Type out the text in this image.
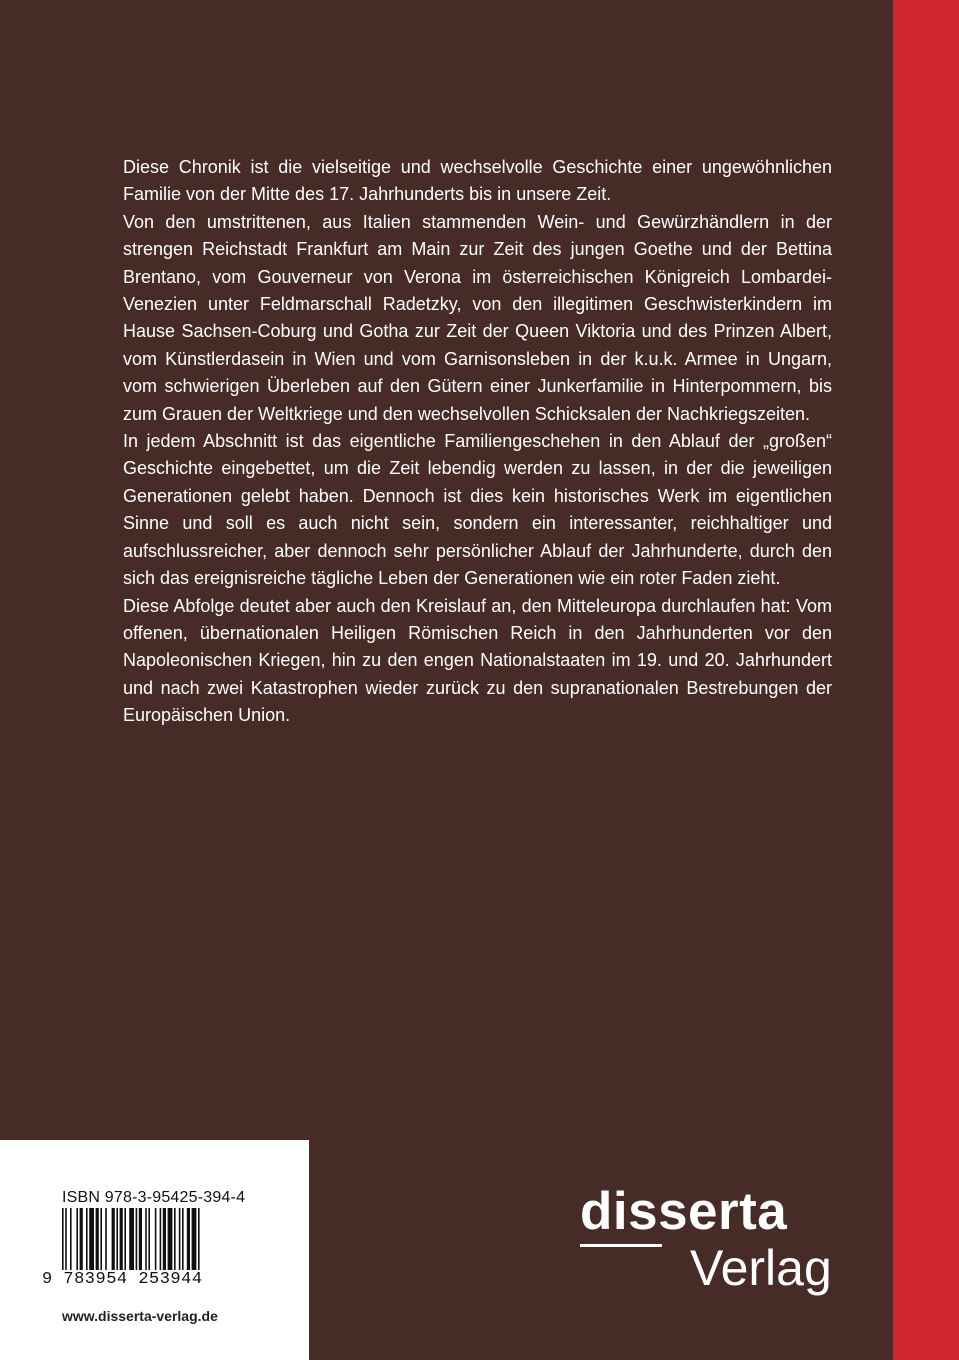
Diese Chronik ist die vielseitige und wechselvolle Geschichte einer ungewöhnlichen Familie von der Mitte des 17. Jahrhunderts bis in unsere Zeit.

Von den umstrittenen, aus Italien stammenden Wein- und Gewürzhändlern in der strengen Reichstadt Frankfurt am Main zur Zeit des jungen Goethe und der Bettina Brentano, vom Gouverneur von Verona im österreichischen Königreich Lombardei-Venezien unter Feldmarschall Radetzky, von den illegitimen Geschwisterkindern im Hause Sachsen-Coburg und Gotha zur Zeit der Queen Viktoria und des Prinzen Albert, vom Künstlerdasein in Wien und vom Garnisonsleben in der k.u.k. Armee in Ungarn, vom schwierigen Überleben auf den Gütern einer Junkerfamilie in Hinterpommern, bis zum Grauen der Weltkriege und den wechselvollen Schicksalen der Nachkriegszeiten.

In jedem Abschnitt ist das eigentliche Familiengeschehen in den Ablauf der „großen“ Geschichte eingebettet, um die Zeit lebendig werden zu lassen, in der die jeweiligen Generationen gelebt haben. Dennoch ist dies kein historisches Werk im eigentlichen Sinne und soll es auch nicht sein, sondern ein interessanter, reichhaltiger und aufschlussreicher, aber dennoch sehr persönlicher Ablauf der Jahrhunderte, durch den sich das ereignisreiche tägliche Leben der Generationen wie ein roter Faden zieht.

Diese Abfolge deutet aber auch den Kreislauf an, den Mitteleuropa durchlaufen hat: Vom offenen, übernationalen Heiligen Römischen Reich in den Jahrhunderten vor den Napoleonischen Kriegen, hin zu den engen Nationalstaaten im 19. und 20. Jahrhundert und nach zwei Katastrophen wieder zurück zu den supranationalen Bestrebungen der Europäischen Union.

ISBN 978-3-95425-394-4
9 783954 253944
www.disserta-verlag.de
disserta
Verlag
